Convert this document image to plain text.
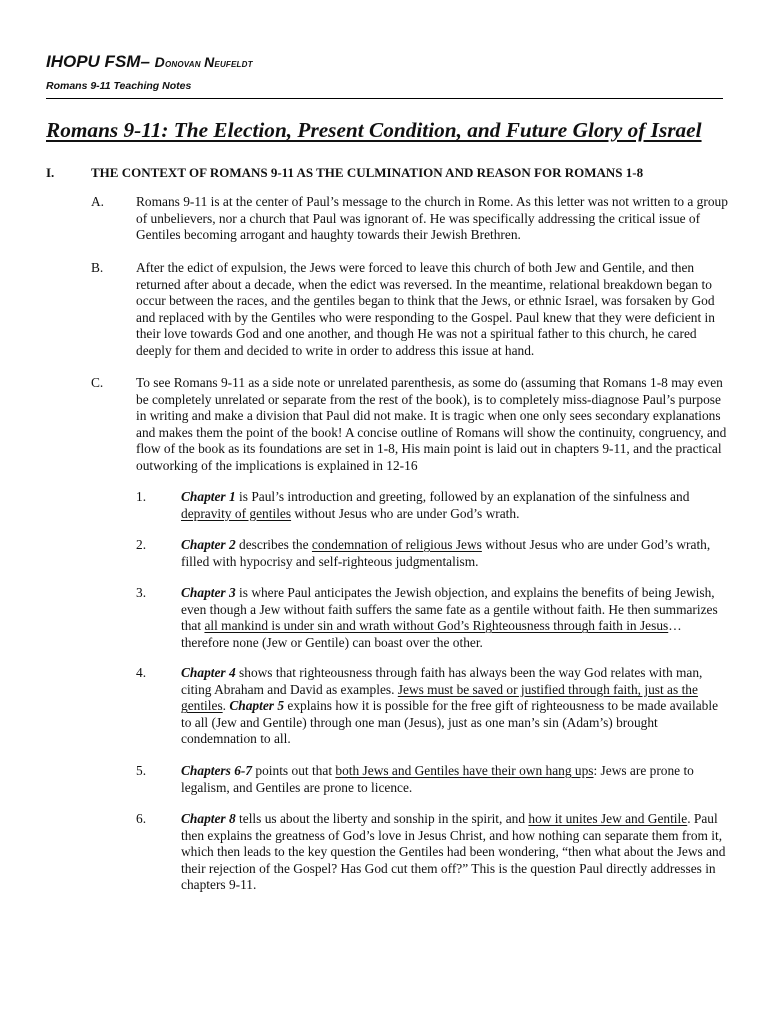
IHOPU FSM– Donovan Neufeldt
Romans 9-11 Teaching Notes
Romans 9-11: The Election, Present Condition, and Future Glory of Israel
I.	THE CONTEXT OF ROMANS 9-11 AS THE CULMINATION AND REASON FOR ROMANS 1-8
A. Romans 9-11 is at the center of Paul’s message to the church in Rome. As this letter was not written to a group of unbelievers, nor a church that Paul was ignorant of. He was specifically addressing the critical issue of Gentiles becoming arrogant and haughty towards their Jewish Brethren.
B. After the edict of expulsion, the Jews were forced to leave this church of both Jew and Gentile, and then returned after about a decade, when the edict was reversed. In the meantime, relational breakdown began to occur between the races, and the gentiles began to think that the Jews, or ethnic Israel, was forsaken by God and replaced with by the Gentiles who were responding to the Gospel. Paul knew that they were deficient in their love towards God and one another, and though He was not a spiritual father to this church, he cared deeply for them and decided to write in order to address this issue at hand.
C. To see Romans 9-11 as a side note or unrelated parenthesis, as some do (assuming that Romans 1-8 may even be completely unrelated or separate from the rest of the book), is to completely miss-diagnose Paul’s purpose in writing and make a division that Paul did not make. It is tragic when one only sees secondary explanations and makes them the point of the book! A concise outline of Romans will show the continuity, congruency, and flow of the book as its foundations are set in 1-8, His main point is laid out in chapters 9-11, and the practical outworking of the implications is explained in 12-16
1.	Chapter 1 is Paul’s introduction and greeting, followed by an explanation of the sinfulness and depravity of gentiles without Jesus who are under God’s wrath.
2.	Chapter 2 describes the condemnation of religious Jews without Jesus who are under God’s wrath, filled with hypocrisy and self-righteous judgmentalism.
3.	Chapter 3 is where Paul anticipates the Jewish objection, and explains the benefits of being Jewish, even though a Jew without faith suffers the same fate as a gentile without faith. He then summarizes that all mankind is under sin and wrath without God’s Righteousness through faith in Jesus… therefore none (Jew or Gentile) can boast over the other.
4.	Chapter 4 shows that righteousness through faith has always been the way God relates with man, citing Abraham and David as examples. Jews must be saved or justified through faith, just as the gentiles. Chapter 5 explains how it is possible for the free gift of righteousness to be made available to all (Jew and Gentile) through one man (Jesus), just as one man’s sin (Adam’s) brought condemnation to all.
5.	Chapters 6-7 points out that both Jews and Gentiles have their own hang ups: Jews are prone to legalism, and Gentiles are prone to licence.
6.	Chapter 8 tells us about the liberty and sonship in the spirit, and how it unites Jew and Gentile. Paul then explains the greatness of God’s love in Jesus Christ, and how nothing can separate them from it, which then leads to the key question the Gentiles had been wondering, “then what about the Jews and their rejection of the Gospel? Has God cut them off?” This is the question Paul directly addresses in chapters 9-11.
